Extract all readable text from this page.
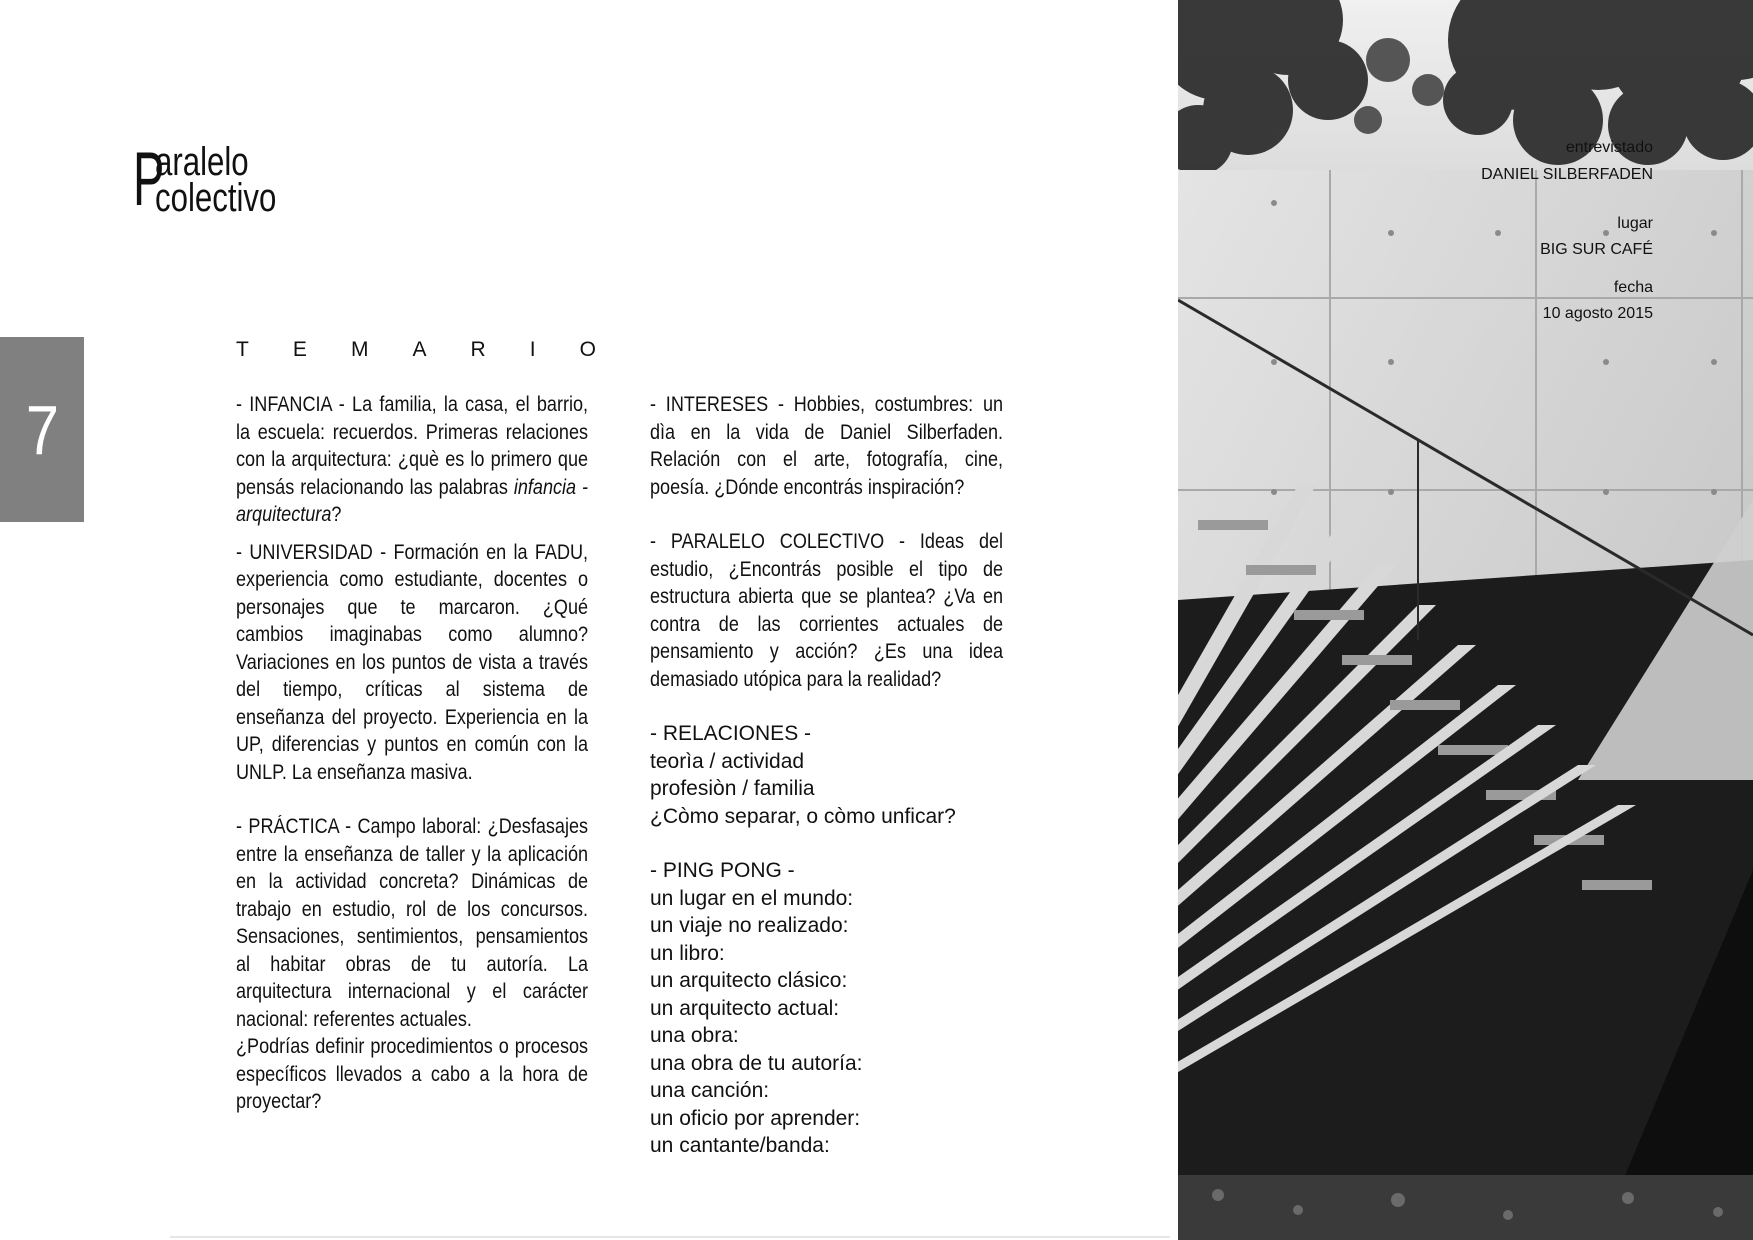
P
aralelo
colectivo
7
T E M A R I O

- INFANCIA - La familia, la casa, el barrio, la escuela: recuerdos. Primeras relaciones con la arquitectura: ¿què es lo primero que pensás relacionando las palabras infancia - arquitectura?

- UNIVERSIDAD - Formación en la FADU, experiencia como estudiante, docentes o personajes que te marcaron. ¿Qué cambios imaginabas como alumno? Variaciones en los puntos de vista a través del tiempo, críticas al sistema de enseñanza del proyecto. Experiencia en la UP, diferencias y puntos en común con la UNLP. La enseñanza masiva.

- PRÁCTICA - Campo laboral: ¿Desfasajes entre la enseñanza de taller y la aplicación en la actividad concreta? Dinámicas de trabajo en estudio, rol de los concursos. Sensaciones, sentimientos, pensamientos al habitar obras de tu autoría. La arquitectura internacional y el carácter nacional: referentes actuales.

¿Podrías definir procedimientos o procesos específicos llevados a cabo a la hora de proyectar?

- INTERESES - Hobbies, costumbres: un dìa en la vida de Daniel Silberfaden. Relación con el arte, fotografía, cine, poesía. ¿Dónde encontrás inspiración?

- PARALELO COLECTIVO - Ideas del estudio, ¿Encontrás posible el tipo de estructura abierta que se plantea? ¿Va en contra de las corrientes actuales de pensamiento y acción? ¿Es una idea demasiado utópica para la realidad?

- RELACIONES -
teorìa / actividad
profesiòn / familia
¿Còmo separar, o còmo unficar?
- PING PONG -
un lugar en el mundo:
un viaje no realizado:
un libro:
un arquitecto clásico:
un arquitecto actual:
una obra:
una obra de tu autoría:
una canción:
un oficio por aprender:
un cantante/banda:
entrevistado
DANIEL SILBERFADEN
lugar
BIG SUR CAFÉ
fecha
10 agosto 2015
